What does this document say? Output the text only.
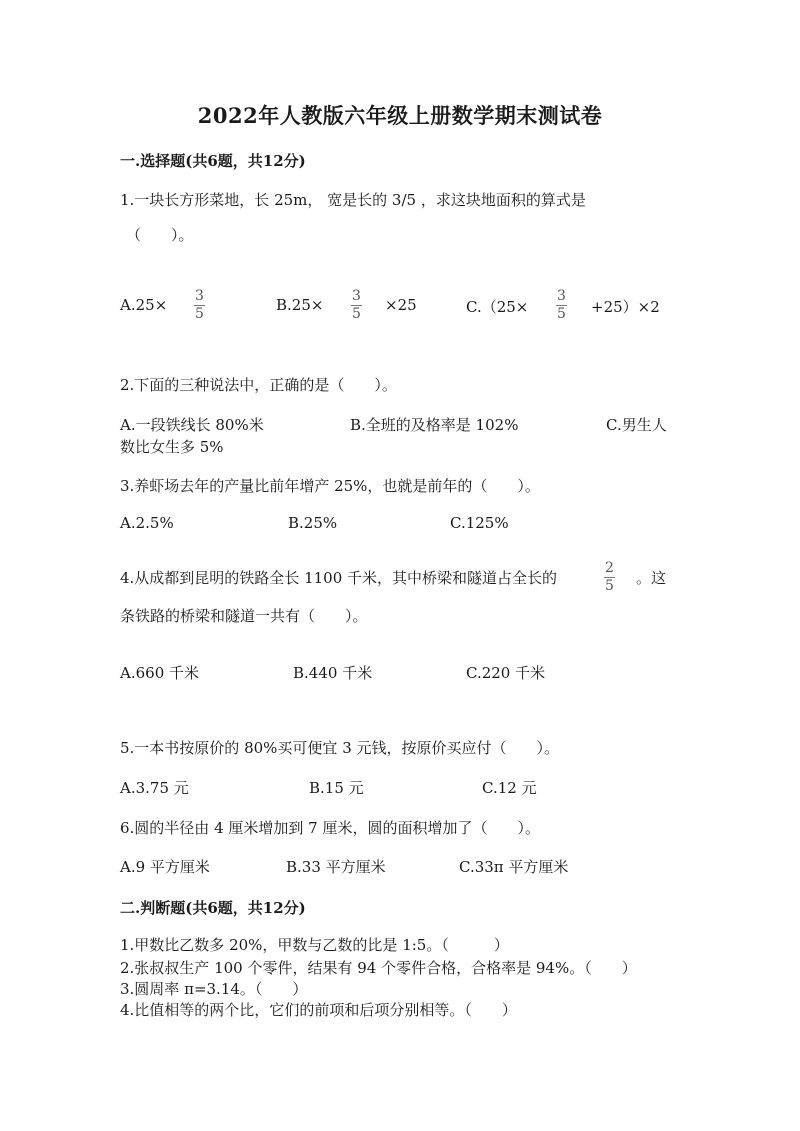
2022年人教版六年级上册数学期末测试卷
一.选择题(共6题，共12分)
1.一块长方形菜地，长 25m， 宽是长的 3/5 ，求这块地面积的算式是
（　　）。
A.25× 3
5	B.25× 3
5 ×25	C.（25×
3
5 +25）×2
2.下面的三种说法中，正确的是（　　）。
A.一段铁线长 80%米	B.全班的及格率是 102%	C.男生人
数比女生多 5%
3.养虾场去年的产量比前年增产 25%，也就是前年的（　　）。
A.2.5%	B.25%	C.125%
4.从成都到昆明的铁路全长 1100 千米，其中桥梁和隧道占全长的
2
5 。这
条铁路的桥梁和隧道一共有（　　）。
A.660 千米	B.440 千米	C.220 千米
5.一本书按原价的 80%买可便宜 3 元钱，按原价买应付（　　）。
A.3.75 元	B.15 元	C.12 元
6.圆的半径由 4 厘米增加到 7 厘米，圆的面积增加了（　　）。
A.9 平方厘米	B.33 平方厘米	C.33π 平方厘米
二.判断题(共6题，共12分)
1.甲数比乙数多 20%，甲数与乙数的比是 1:5。（　　　）
2.张叔叔生产 100 个零件，结果有 94 个零件合格，合格率是 94%。（　　）
3.圆周率 π=3.14。（　　）
4.比值相等的两个比，它们的前项和后项分别相等。（　　）
